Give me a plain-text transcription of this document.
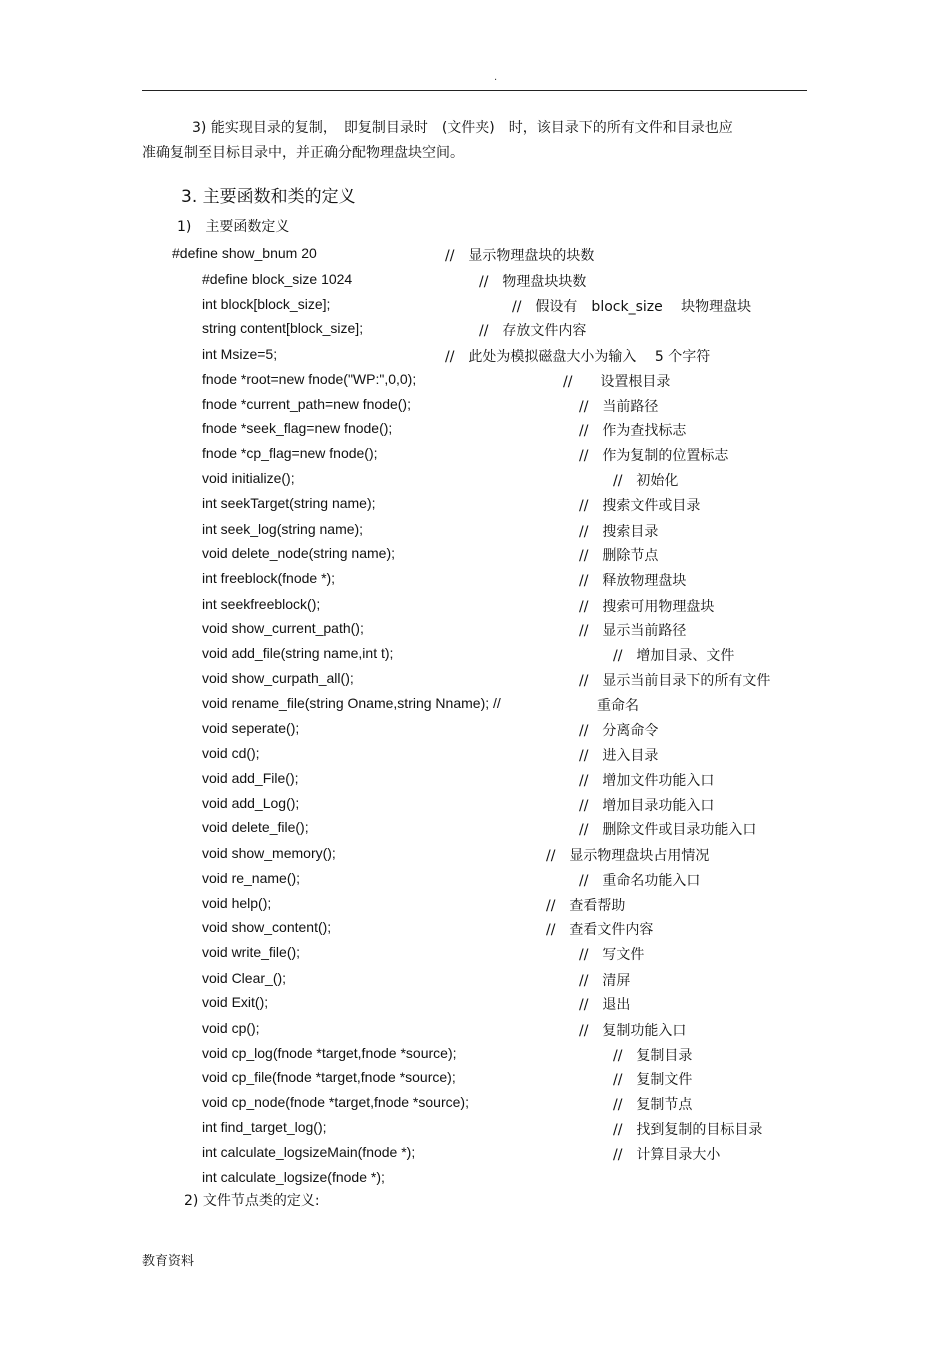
.
3) 能实现目录的复制，　即复制目录时　(文件夹)　时，该目录下的所有文件和目录也应
准确复制至目标目录中，并正确分配物理盘块空间。
3. 主要函数和类的定义
1)　主要函数定义
#define show_bnum 20	//　显示物理盘块的块数
#define block_size 1024	//　物理盘块块数
int block[block_size];	//　假设有　block_size　 块物理盘块
string content[block_size];	//　存放文件内容
int Msize=5;	//　此处为模拟磁盘大小为输入　 5 个字符
fnode *root=new fnode("WP:",0,0);	//　　设置根目录
fnode *current_path=new fnode();	//　当前路径
fnode *seek_flag=new fnode();	//　作为查找标志
fnode *cp_flag=new fnode();	//　作为复制的位置标志
void initialize();	//　初始化
int seekTarget(string name);	//　搜索文件或目录
int seek_log(string name);	//　搜索目录
void delete_node(string name);	//　删除节点
int freeblock(fnode *);	//　释放物理盘块
int seekfreeblock();	//　搜索可用物理盘块
void show_current_path();	//　显示当前路径
void add_file(string name,int t);	//　增加目录、文件
void show_curpath_all();	//　显示当前目录下的所有文件
void rename_file(string Oname,string Nname); //	重命名
void seperate();	//　分离命令
void cd();	//　进入目录
void add_File();	//　增加文件功能入口
void add_Log();	//　增加目录功能入口
void delete_file();	//　删除文件或目录功能入口
void show_memory();	//　显示物理盘块占用情况
void re_name();	//　重命名功能入口
void help();	//　查看帮助
void show_content();	//　查看文件内容
void write_file();	//　写文件
void Clear_();	//　清屏
void Exit();	//　退出
void cp();	//　复制功能入口
void cp_log(fnode *target,fnode *source);	//　复制目录
void cp_file(fnode *target,fnode *source);	//　复制文件
void cp_node(fnode *target,fnode *source);	//　复制节点
int find_target_log();	//　找到复制的目标目录
int calculate_logsizeMain(fnode *);	//　计算目录大小
int calculate_logsize(fnode *);
2) 文件节点类的定义:
教育资料
